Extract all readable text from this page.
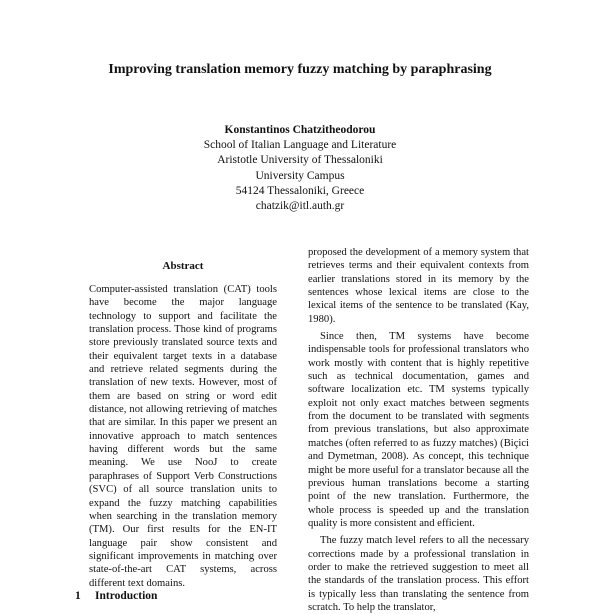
Improving translation memory fuzzy matching by paraphrasing
Konstantinos Chatzitheodorou
School of Italian Language and Literature
Aristotle University of Thessaloniki
University Campus
54124 Thessaloniki, Greece
chatzik@itl.auth.gr
Abstract

Computer-assisted translation (CAT) tools have become the major language technology to support and facilitate the translation process. Those kind of programs store previously translated source texts and their equivalent target texts in a database and retrieve related segments during the translation of new texts. However, most of them are based on string or word edit distance, not allowing retrieving of matches that are similar. In this paper we present an innovative approach to match sentences having different words but the same meaning. We use NooJ to create paraphrases of Support Verb Constructions (SVC) of all source translation units to expand the fuzzy matching capabilities when searching in the translation memory (TM). Our first results for the EN-IT language pair show consistent and significant improvements in matching over state-of-the-art CAT systems, across different text domains.

proposed the development of a memory system that retrieves terms and their equivalent contexts from earlier translations stored in its memory by the sentences whose lexical items are close to the lexical items of the sentence to be translated (Kay, 1980).

Since then, TM systems have become indispensable tools for professional translators who work mostly with content that is highly repetitive such as technical documentation, games and software localization etc. TM systems typically exploit not only exact matches between segments from the document to be translated with segments from previous translations, but also approximate matches (often referred to as fuzzy matches) (Biçici and Dymetman, 2008). As concept, this technique might be more useful for a translator because all the previous human translations become a starting point of the new translation. Furthermore, the whole process is speeded up and the translation quality is more consistent and efficient.

The fuzzy match level refers to all the necessary corrections made by a professional translation in order to make the retrieved suggestion to meet all the standards of the translation process. This effort is typically less than translating the sentence from scratch. To help the translator,

1 Introduction
